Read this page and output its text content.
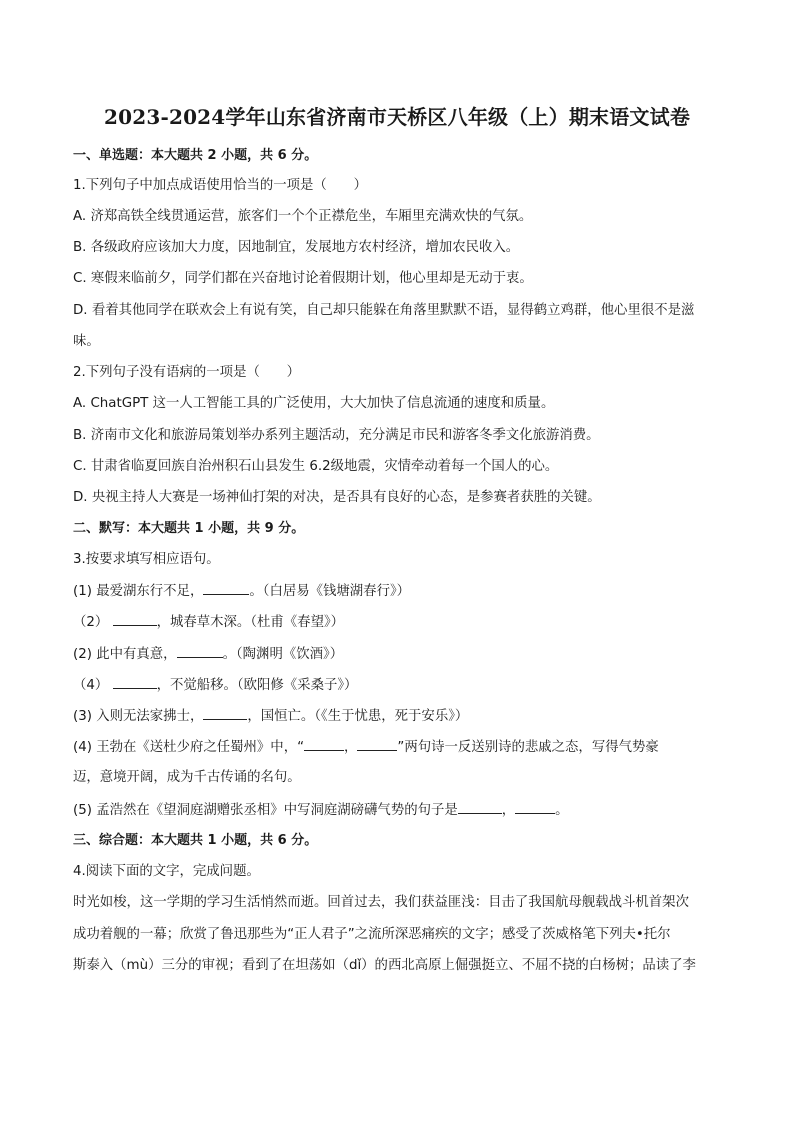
2023-2024学年山东省济南市天桥区八年级（上）期末语文试卷
一、单选题：本大题共 2 小题，共 6 分。
1.下列句子中加点成语使用恰当的一项是（　　）
A. 济郑高铁全线贯通运营，旅客们一个个正襟危坐，车厢里充满欢快的气氛。
B. 各级政府应该加大力度，因地制宜，发展地方农村经济，增加农民收入。
C. 寒假来临前夕，同学们都在兴奋地讨论着假期计划，他心里却是无动于衷。
D. 看着其他同学在联欢会上有说有笑，自己却只能躲在角落里默默不语，显得鹤立鸡群，他心里很不是滋
味。
2.下列句子没有语病的一项是（　　）
A. ChatGPT 这一人工智能工具的广泛使用，大大加快了信息流通的速度和质量。
B. 济南市文化和旅游局策划举办系列主题活动，充分满足市民和游客冬季文化旅游消费。
C. 甘肃省临夏回族自治州积石山县发生 6.2级地震，灾情牵动着每一个国人的心。
D. 央视主持人大赛是一场神仙打架的对决，是否具有良好的心态，是参赛者获胜的关键。
二、默写：本大题共 1 小题，共 9 分。
3.按要求填写相应语句。
(1) 最爱湖东行不足，	。（白居易《钱塘湖春行》）
（2）	，城春草木深。（杜甫《春望》）
(2) 此中有真意，	。（陶渊明《饮酒》）
（4）	，不觉船移。（欧阳修《采桑子》）
(3) 入则无法家拂士，	，国恒亡。（《生于忧患，死于安乐》）
(4) 王勃在《送杜少府之任蜀州》中，“	，	”两句诗一反送别诗的悲戚之态，写得气势豪
迈，意境开阔，成为千古传诵的名句。
(5) 孟浩然在《望洞庭湖赠张丞相》中写洞庭湖磅礴气势的句子是	，	。
三、综合题：本大题共 1 小题，共 6 分。
4.阅读下面的文字，完成问题。
时光如梭，这一学期的学习生活悄然而逝。回首过去，我们获益匪浅：目击了我国航母舰载战斗机首架次
成功着舰的一幕；欣赏了鲁迅那些为“正人君子”之流所深恶痛疾的文字；感受了茨威格笔下列夫•托尔
斯泰入（mù）三分的审视；看到了在坦荡如（dǐ）的西北高原上倔强挺立、不屈不挠的白杨树；品读了李
